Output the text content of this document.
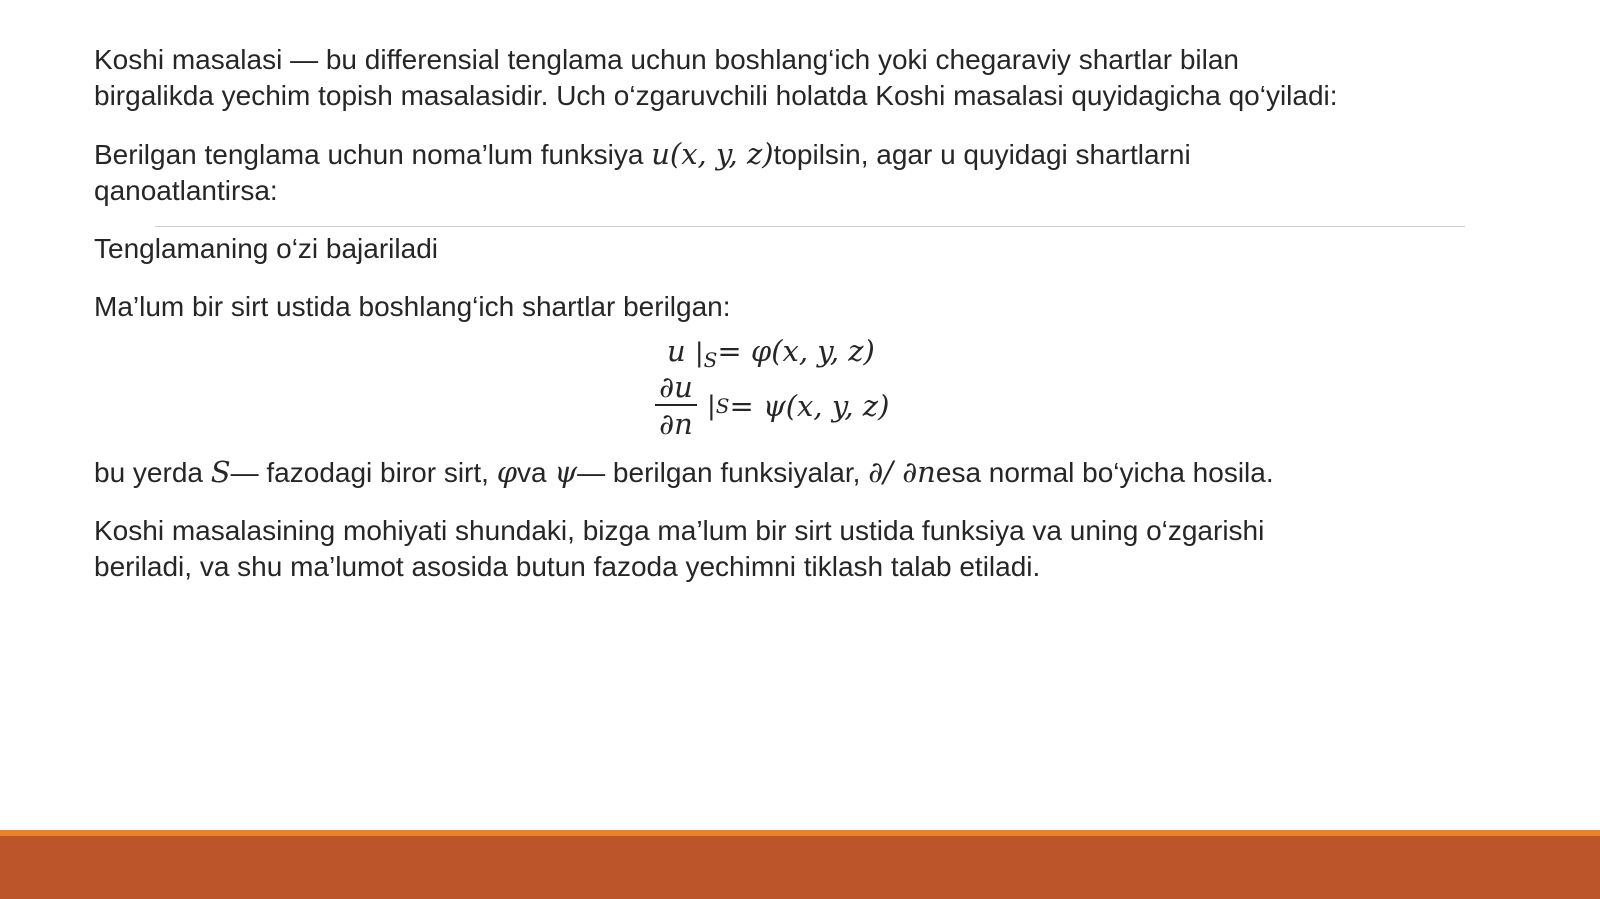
Koshi masalasi — bu differensial tenglama uchun boshlang‘ich yoki chegaraviy shartlar bilan
birgalikda yechim topish masalasidir. Uch o‘zgaruvchili holatda Koshi masalasi quyidagicha qo‘yiladi:

Berilgan tenglama uchun noma’lum funksiya u(x, y, z)topilsin, agar u quyidagi shartlarni
qanoatlantirsa:

Tenglamaning o‘zi bajariladi

Ma’lum bir sirt ustida boshlang‘ich shartlar berilgan:

u $|_S= \varphi(x$, y, z)
$\frac{\partial u}{\partial n}$ | S = ψ(x, y, z)

bu yerda S— fazodagi biror sirt, φva ψ— berilgan funksiyalar, ∂/ ∂nesa normal bo‘yicha hosila.

Koshi masalasining mohiyati shundaki, bizga ma’lum bir sirt ustida funksiya va uning o‘zgarishi
beriladi, va shu ma’lumot asosida butun fazoda yechimni tiklash talab etiladi.
